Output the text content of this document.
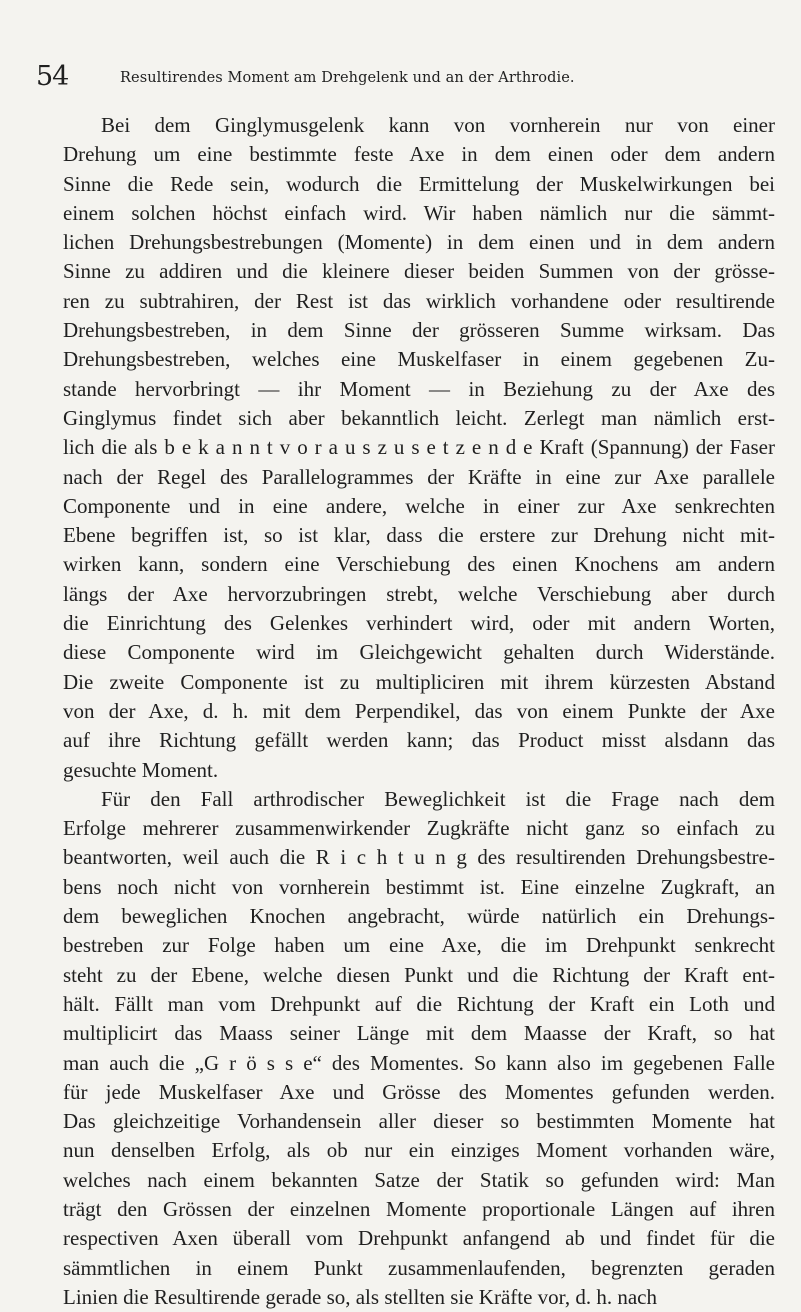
54	Resultirendes Moment am Drehgelenk und an der Arthrodie.
Bei dem Ginglymusgelenk kann von vornherein nur von einer
Drehung um eine bestimmte feste Axe in dem einen oder dem andern
Sinne die Rede sein, wodurch die Ermittelung der Muskelwirkungen bei
einem solchen höchst einfach wird. Wir haben nämlich nur die sämmt-
lichen Drehungsbestrebungen (Momente) in dem einen und in dem andern
Sinne zu addiren und die kleinere dieser beiden Summen von der grösse-
ren zu subtrahiren, der Rest ist das wirklich vorhandene oder resultirende
Drehungsbestreben, in dem Sinne der grösseren Summe wirksam. Das
Drehungsbestreben, welches eine Muskelfaser in einem gegebenen Zu-
stande hervorbringt — ihr Moment — in Beziehung zu der Axe des
Ginglymus findet sich aber bekanntlich leicht. Zerlegt man nämlich erst-
lich die als b e k a n n t v o r a u s z u s e t z e n d e Kraft (Spannung) der Faser
nach der Regel des Parallelogrammes der Kräfte in eine zur Axe parallele
Componente und in eine andere, welche in einer zur Axe senkrechten
Ebene begriffen ist, so ist klar, dass die erstere zur Drehung nicht mit-
wirken kann, sondern eine Verschiebung des einen Knochens am andern
längs der Axe hervorzubringen strebt, welche Verschiebung aber durch
die Einrichtung des Gelenkes verhindert wird, oder mit andern Worten,
diese Componente wird im Gleichgewicht gehalten durch Widerstände.
Die zweite Componente ist zu multipliciren mit ihrem kürzesten Abstand
von der Axe, d. h. mit dem Perpendikel, das von einem Punkte der Axe
auf ihre Richtung gefällt werden kann; das Product misst alsdann das
gesuchte Moment.
Für den Fall arthrodischer Beweglichkeit ist die Frage nach dem
Erfolge mehrerer zusammenwirkender Zugkräfte nicht ganz so einfach zu
beantworten, weil auch die R i c h t u n g des resultirenden Drehungsbestre-
bens noch nicht von vornherein bestimmt ist. Eine einzelne Zugkraft, an
dem beweglichen Knochen angebracht, würde natürlich ein Drehungs-
bestreben zur Folge haben um eine Axe, die im Drehpunkt senkrecht
steht zu der Ebene, welche diesen Punkt und die Richtung der Kraft ent-
hält. Fällt man vom Drehpunkt auf die Richtung der Kraft ein Loth und
multiplicirt das Maass seiner Länge mit dem Maasse der Kraft, so hat
man auch die „G r ö s s e“ des Momentes. So kann also im gegebenen Falle
für jede Muskelfaser Axe und Grösse des Momentes gefunden werden.
Das gleichzeitige Vorhandensein aller dieser so bestimmten Momente hat
nun denselben Erfolg, als ob nur ein einziges Moment vorhanden wäre,
welches nach einem bekannten Satze der Statik so gefunden wird: Man
trägt den Grössen der einzelnen Momente proportionale Längen auf ihren
respectiven Axen überall vom Drehpunkt anfangend ab und findet für die
sämmtlichen in einem Punkt zusammenlaufenden, begrenzten geraden
Linien die Resultirende gerade so, als stellten sie Kräfte vor, d. h. nach
